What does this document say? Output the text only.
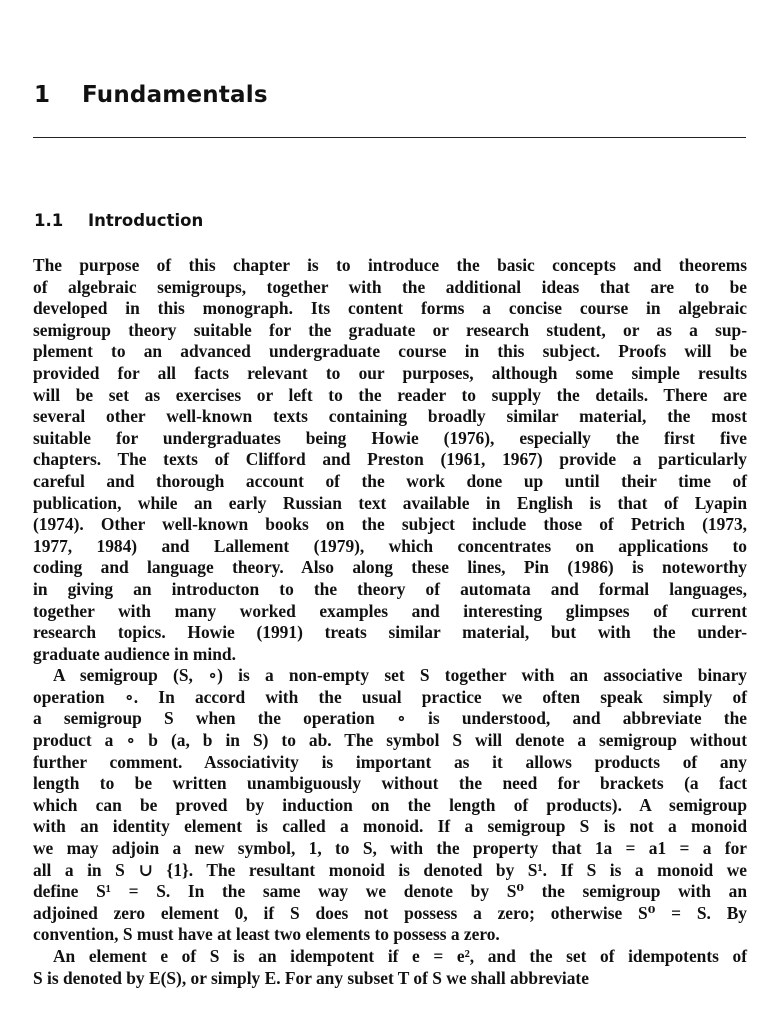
1 Fundamentals
1.1 Introduction
The purpose of this chapter is to introduce the basic concepts and theorems
of algebraic semigroups, together with the additional ideas that are to be
developed in this monograph. Its content forms a concise course in algebraic
semigroup theory suitable for the graduate or research student, or as a sup-
plement to an advanced undergraduate course in this subject. Proofs will be
provided for all facts relevant to our purposes, although some simple results
will be set as exercises or left to the reader to supply the details. There are
several other well-known texts containing broadly similar material, the most
suitable for undergraduates being Howie (1976), especially the first five
chapters. The texts of Clifford and Preston (1961, 1967) provide a particularly
careful and thorough account of the work done up until their time of
publication, while an early Russian text available in English is that of Lyapin
(1974). Other well-known books on the subject include those of Petrich (1973,
1977, 1984) and Lallement (1979), which concentrates on applications to
coding and language theory. Also along these lines, Pin (1986) is noteworthy
in giving an introducton to the theory of automata and formal languages,
together with many worked examples and interesting glimpses of current
research topics. Howie (1991) treats similar material, but with the under-
graduate audience in mind.
A semigroup (S, ∘) is a non-empty set S together with an associative binary
operation ∘. In accord with the usual practice we often speak simply of
a semigroup S when the operation ∘ is understood, and abbreviate the
product a ∘ b (a, b in S) to ab. The symbol S will denote a semigroup without
further comment. Associativity is important as it allows products of any
length to be written unambiguously without the need for brackets (a fact
which can be proved by induction on the length of products). A semigroup
with an identity element is called a monoid. If a semigroup S is not a monoid
we may adjoin a new symbol, 1, to S, with the property that 1a = a1 = a for
all a in S ∪ {1}. The resultant monoid is denoted by S¹. If S is a monoid we
define S¹ = S. In the same way we denote by S⁰ the semigroup with an
adjoined zero element 0, if S does not possess a zero; otherwise S⁰ = S. By
convention, S must have at least two elements to possess a zero.
An element e of S is an idempotent if e = e², and the set of idempotents of
S is denoted by E(S), or simply E. For any subset T of S we shall abbreviate
